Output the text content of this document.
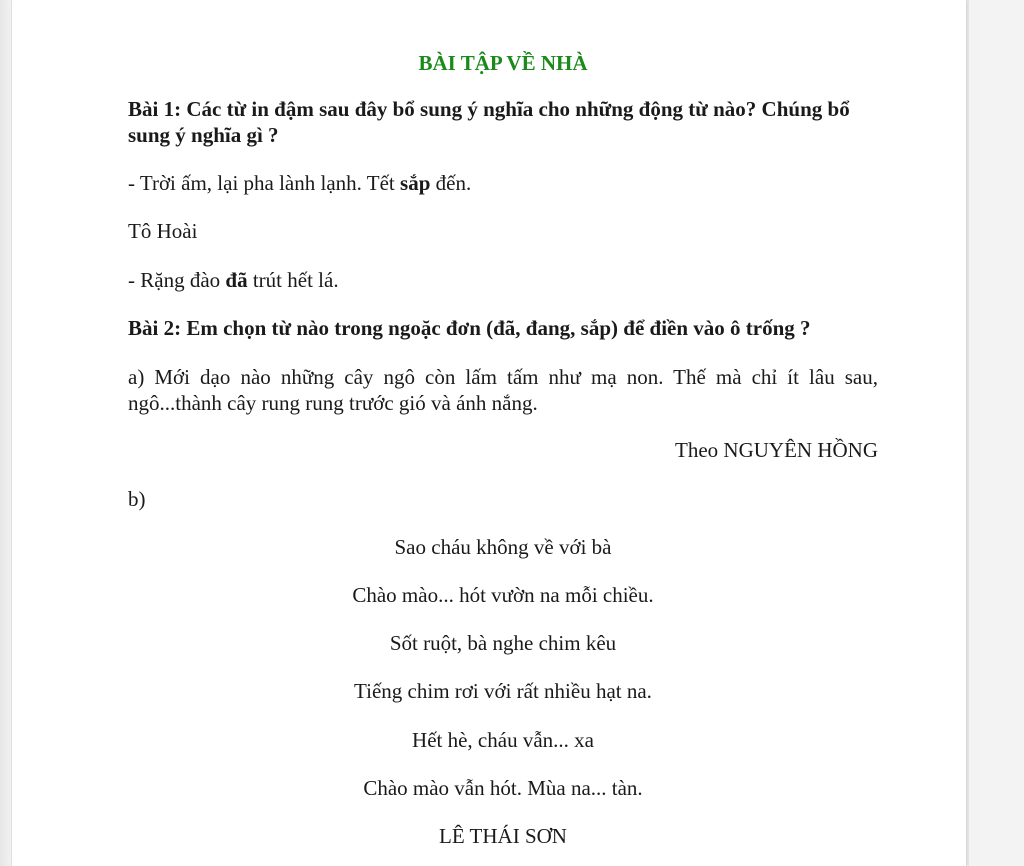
BÀI TẬP VỀ NHÀ

Bài 1: Các từ in đậm sau đây bổ sung ý nghĩa cho những động từ nào? Chúng bổ sung ý nghĩa gì ?

- Trời ấm, lại pha lành lạnh. Tết sắp đến.

Tô Hoài

- Rặng đào đã trút hết lá.

Bài 2: Em chọn từ nào trong ngoặc đơn (đã, đang, sắp) để điền vào ô trống ?

a) Mới dạo nào những cây ngô còn lấm tấm như mạ non. Thế mà chỉ ít lâu sau, ngô...thành cây rung rung trước gió và ánh nắng.

Theo NGUYÊN HỒNG

b)

Sao cháu không về với bà

Chào mào... hót vườn na mỗi chiều.

Sốt ruột, bà nghe chim kêu

Tiếng chim rơi với rất nhiều hạt na.

Hết hè, cháu vẫn... xa

Chào mào vẫn hót. Mùa na... tàn.

LÊ THÁI SƠN
